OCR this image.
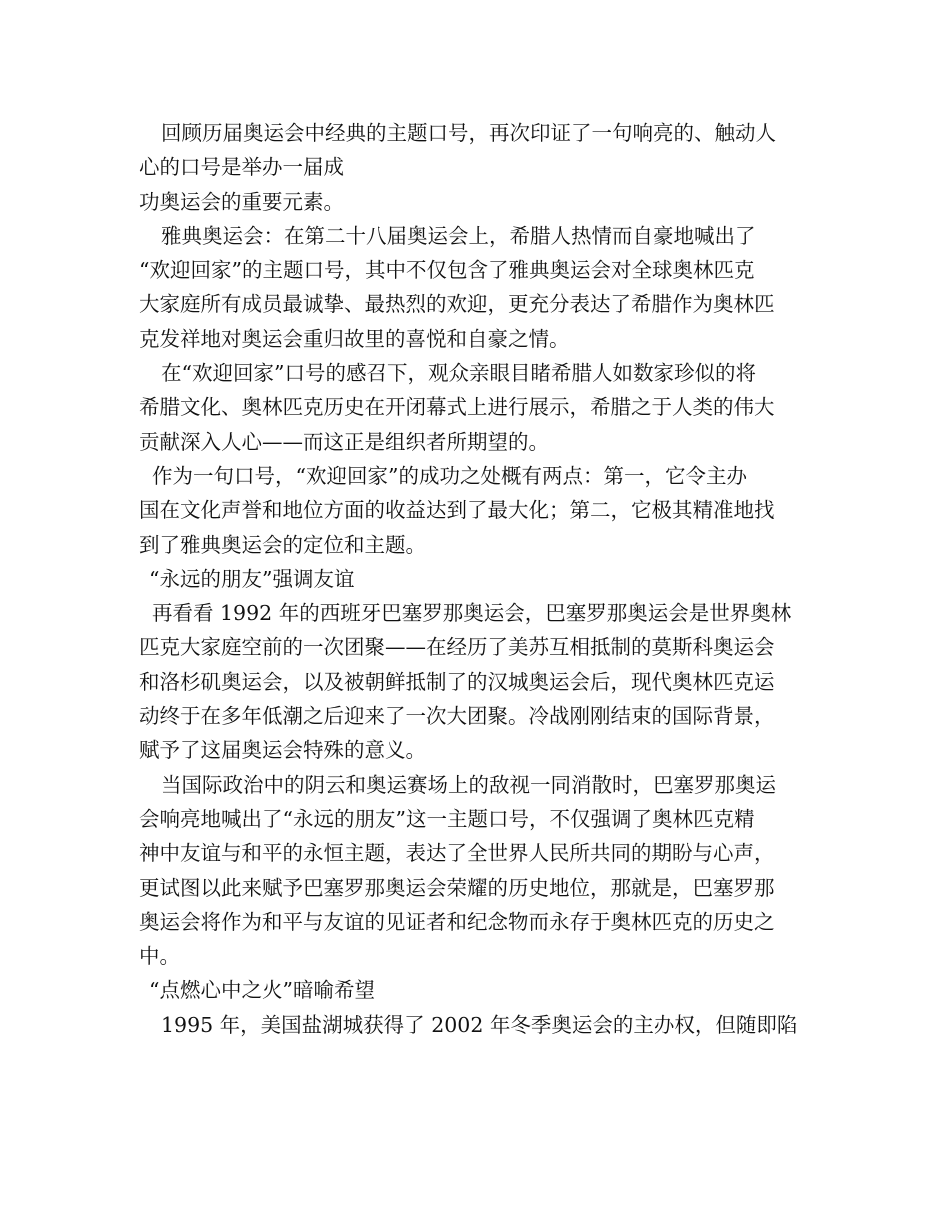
回顾历届奥运会中经典的主题口号，再次印证了一句响亮的、触动人
心的口号是举办一届成
功奥运会的重要元素。
雅典奥运会：在第二十八届奥运会上，希腊人热情而自豪地喊出了
“欢迎回家”的主题口号，其中不仅包含了雅典奥运会对全球奥林匹克
大家庭所有成员最诚挚、最热烈的欢迎，更充分表达了希腊作为奥林匹
克发祥地对奥运会重归故里的喜悦和自豪之情。
在“欢迎回家”口号的感召下，观众亲眼目睹希腊人如数家珍似的将
希腊文化、奥林匹克历史在开闭幕式上进行展示，希腊之于人类的伟大
贡献深入人心——而这正是组织者所期望的。
作为一句口号，“欢迎回家”的成功之处概有两点：第一，它令主办
国在文化声誉和地位方面的收益达到了最大化；第二，它极其精准地找
到了雅典奥运会的定位和主题。
“永远的朋友”强调友谊
再看看 1992 年的西班牙巴塞罗那奥运会，巴塞罗那奥运会是世界奥林
匹克大家庭空前的一次团聚——在经历了美苏互相抵制的莫斯科奥运会
和洛杉矶奥运会，以及被朝鲜抵制了的汉城奥运会后，现代奥林匹克运
动终于在多年低潮之后迎来了一次大团聚。冷战刚刚结束的国际背景，
赋予了这届奥运会特殊的意义。
当国际政治中的阴云和奥运赛场上的敌视一同消散时，巴塞罗那奥运
会响亮地喊出了“永远的朋友”这一主题口号，不仅强调了奥林匹克精
神中友谊与和平的永恒主题，表达了全世界人民所共同的期盼与心声，
更试图以此来赋予巴塞罗那奥运会荣耀的历史地位，那就是，巴塞罗那
奥运会将作为和平与友谊的见证者和纪念物而永存于奥林匹克的历史之
中。
“点燃心中之火”暗喻希望
1995 年，美国盐湖城获得了 2002 年冬季奥运会的主办权，但随即陷
